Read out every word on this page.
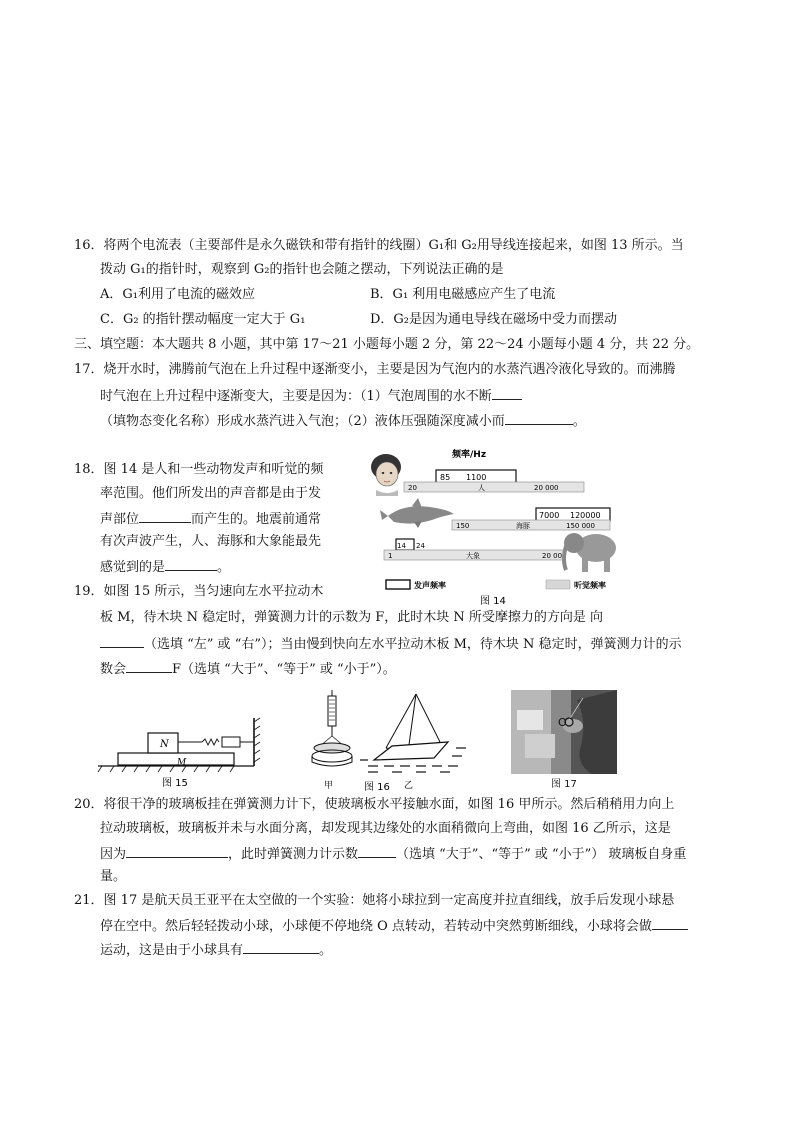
16．将两个电流表（主要部件是永久磁铁和带有指针的线圈）G₁和 G₂用导线连接起来，如图 13 所示。当
拨动 G₁的指针时，观察到 G₂的指针也会随之摆动，下列说法正确的是
A．G₁利用了电流的磁效应	B．G₁ 利用电磁感应产生了电流
C．G₂ 的指针摆动幅度一定大于 G₁	D．G₂是因为通电导线在磁场中受力而摆动
三、填空题：本大题共 8 小题，其中第 17～21 小题每小题 2 分，第 22～24 小题每小题 4 分，共 22 分。
17．烧开水时，沸腾前气泡在上升过程中逐渐变小，主要是因为气泡内的水蒸汽遇冷液化导致的。而沸腾
时气泡在上升过程中逐渐变大，主要是因为：（1）气泡周围的水不断
（填物态变化名称）形成水蒸汽进入气泡；（2）液体压强随深度减小而	。
18．图 14 是人和一些动物发声和听觉的频
率范围。他们所发出的声音都是由于发
声部位	而产生的。地震前通常
有次声波产生，人、海豚和大象能最先
感觉到的是	。
频率/Hz
85 1100
20	人	20 000
7000 120000
150	海豚	150 000
14 24
1	大象	20 000
发声频率	听觉频率
图 14
19．如图 15 所示，当匀速向左水平拉动木
板 M，待木块 N 稳定时，弹簧测力计的示数为 F，此时木块 N 所受摩擦力的方向是 向
（选填 “左” 或 “右”）；当由慢到快向左水平拉动木板 M，待木块 N 稳定时，弹簧测力计的示
数会	F（选填 “大于”、“等于” 或 “小于”）。
N
M
图 15	甲	乙
图 16
O
图 17
20．将很干净的玻璃板挂在弹簧测力计下，使玻璃板水平接触水面，如图 16 甲所示。然后稍稍用力向上
拉动玻璃板，玻璃板并未与水面分离，却发现其边缘处的水面稍微向上弯曲，如图 16 乙所示，这是
因为	，此时弹簧测力计示数	（选填 “大于”、“等于” 或 “小于”） 玻璃板自身重
量。
21．图 17 是航天员王亚平在太空做的一个实验：她将小球拉到一定高度并拉直细线，放手后发现小球悬
停在空中。然后轻轻拨动小球，小球便不停地绕 O 点转动，若转动中突然剪断细线，小球将会做
运动，这是由于小球具有	。
